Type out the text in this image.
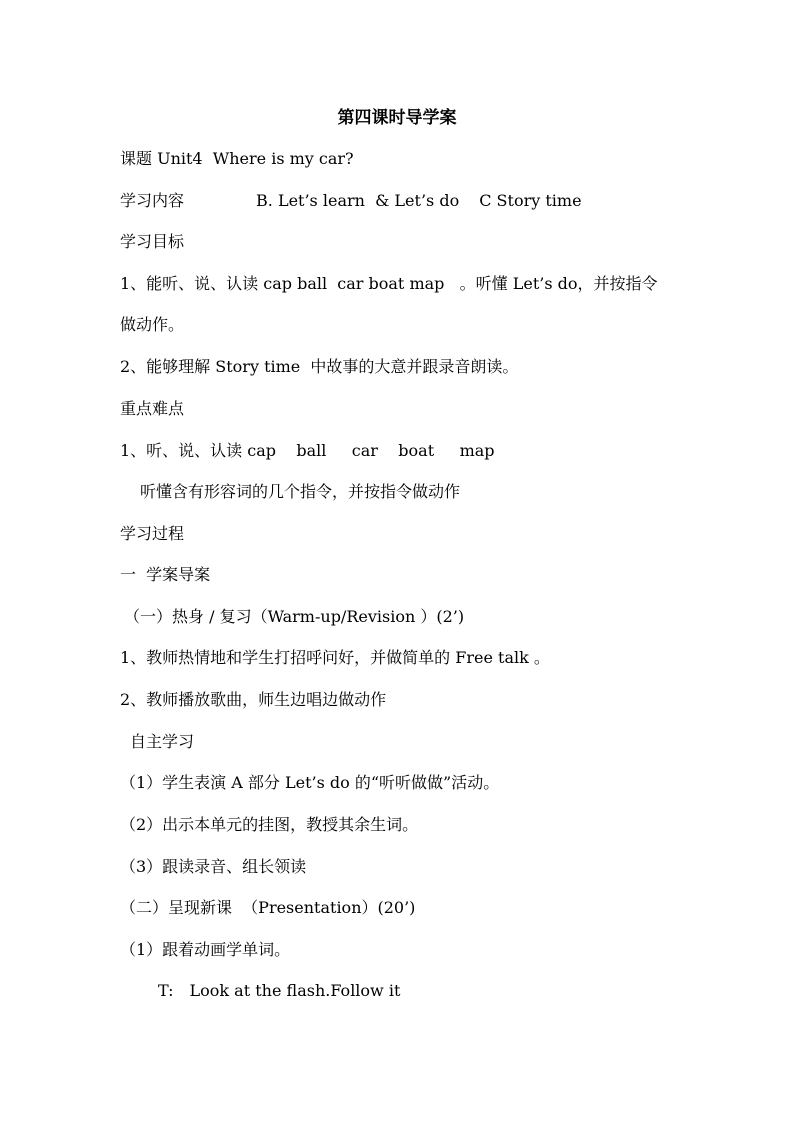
第四课时导学案
课题 Unit4  Where is my car?
学习内容	B. Let’s learn  & Let’s do C Story time
学习目标
1、能听、说、认读 cap ball  car boat map   。听懂 Let’s do，并按指令
做动作。
2、能够理解 Story time  中故事的大意并跟录音朗读。
重点难点
1、听、说、认读 cap    ball     car    boat     map
听懂含有形容词的几个指令，并按指令做动作
学习过程
一  学案导案
（一）热身 / 复习（Warm-up/Revision ）(2’)
1、教师热情地和学生打招呼问好，并做简单的 Free talk 。
2、教师播放歌曲，师生边唱边做动作
自主学习
（1）学生表演 A 部分 Let’s do 的“听听做做”活动。
（2）出示本单元的挂图，教授其余生词。
（3）跟读录音、组长领读
（二）呈现新课  （Presentation）(20’)
（1）跟着动画学单词。
T: Look at the flash.Follow it
